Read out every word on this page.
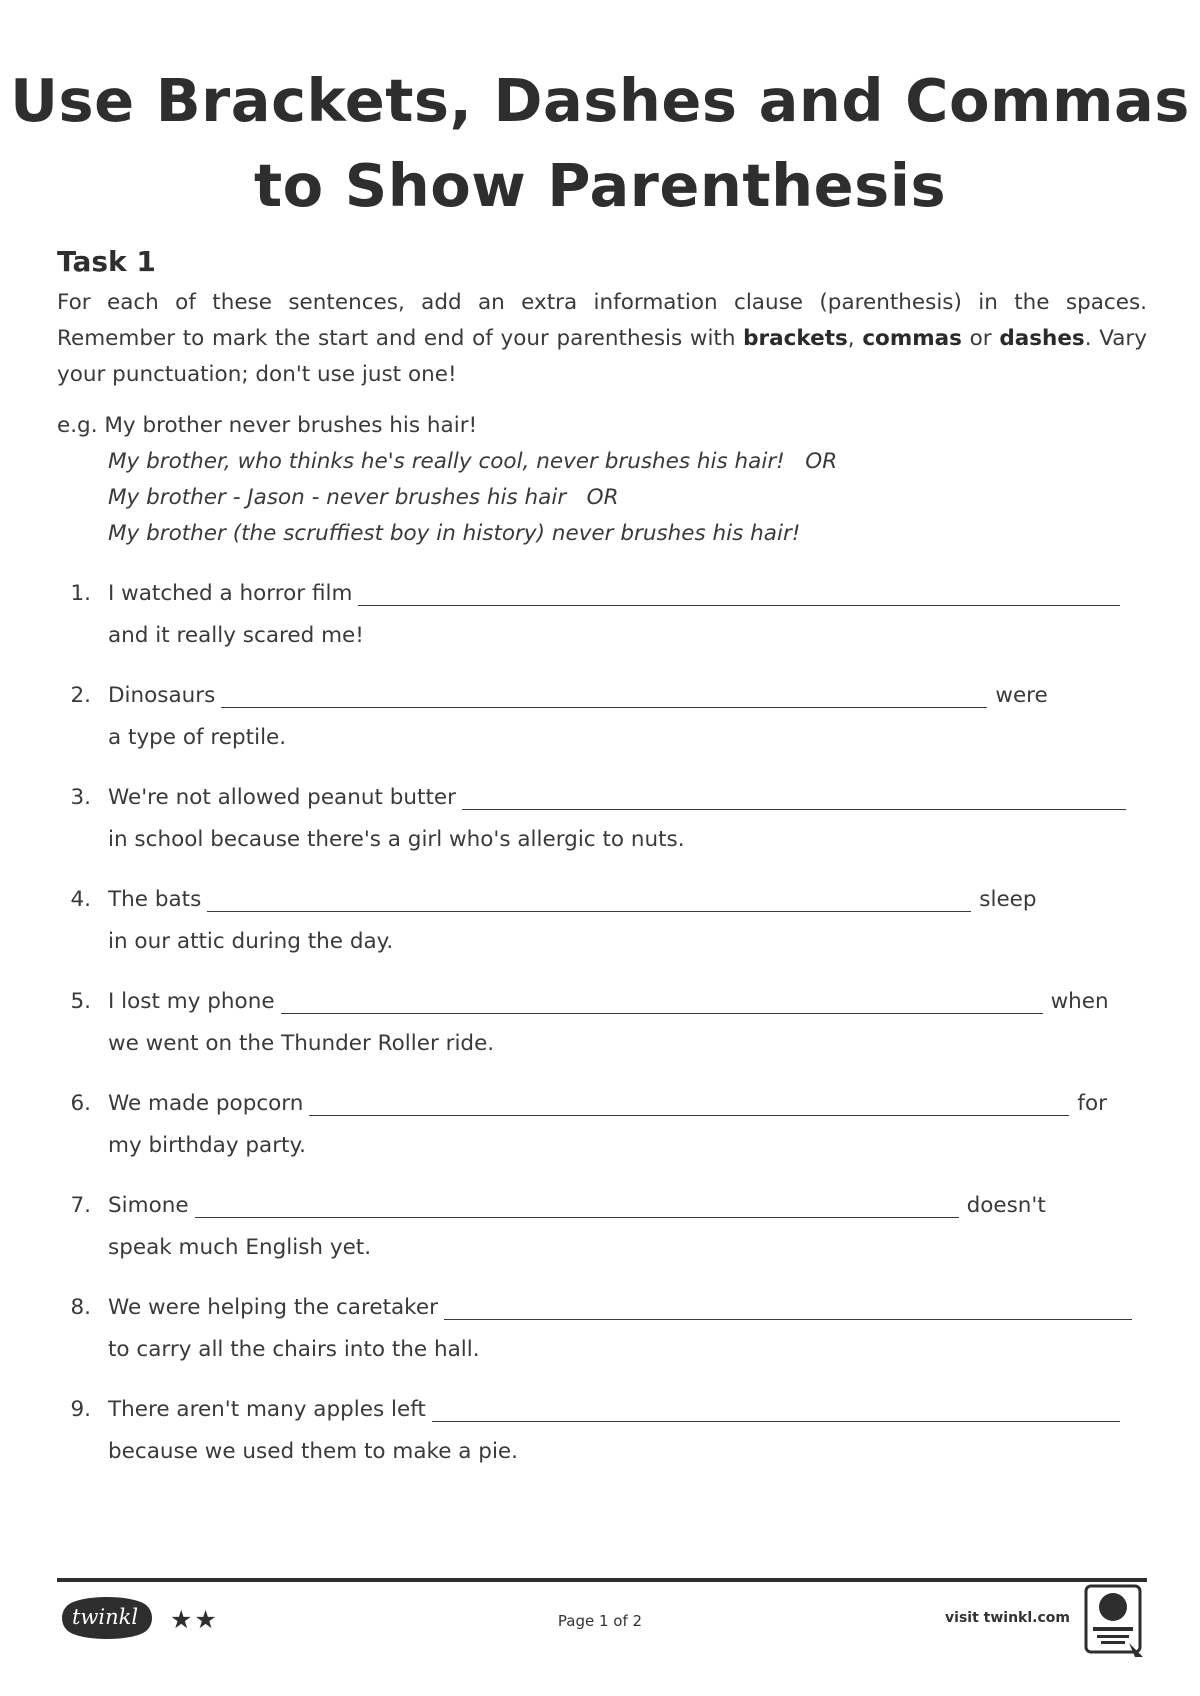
Use Brackets, Dashes and Commas
to Show Parenthesis
Task 1
For each of these sentences, add an extra information clause (parenthesis) in the spaces. Remember to mark the start and end of your parenthesis with brackets, commas or dashes. Vary your punctuation; don't use just one!
e.g. My brother never brushes his hair!
My brother, who thinks he's really cool, never brushes his hair!   OR
My brother - Jason - never brushes his hair   OR
My brother (the scruffiest boy in history) never brushes his hair!
1. I watched a horror film
and it really scared me!
2. Dinosaurs	were
a type of reptile.
3. We're not allowed peanut butter
in school because there's a girl who's allergic to nuts.
4. The bats	sleep
in our attic during the day.
5. I lost my phone	when
we went on the Thunder Roller ride.
6. We made popcorn	for
my birthday party.
7. Simone	doesn't
speak much English yet.
8. We were helping the caretaker
to carry all the chairs into the hall.
9. There aren't many apples left
because we used them to make a pie.
twinkl	★★	Page 1 of 2	visit twinkl.com
